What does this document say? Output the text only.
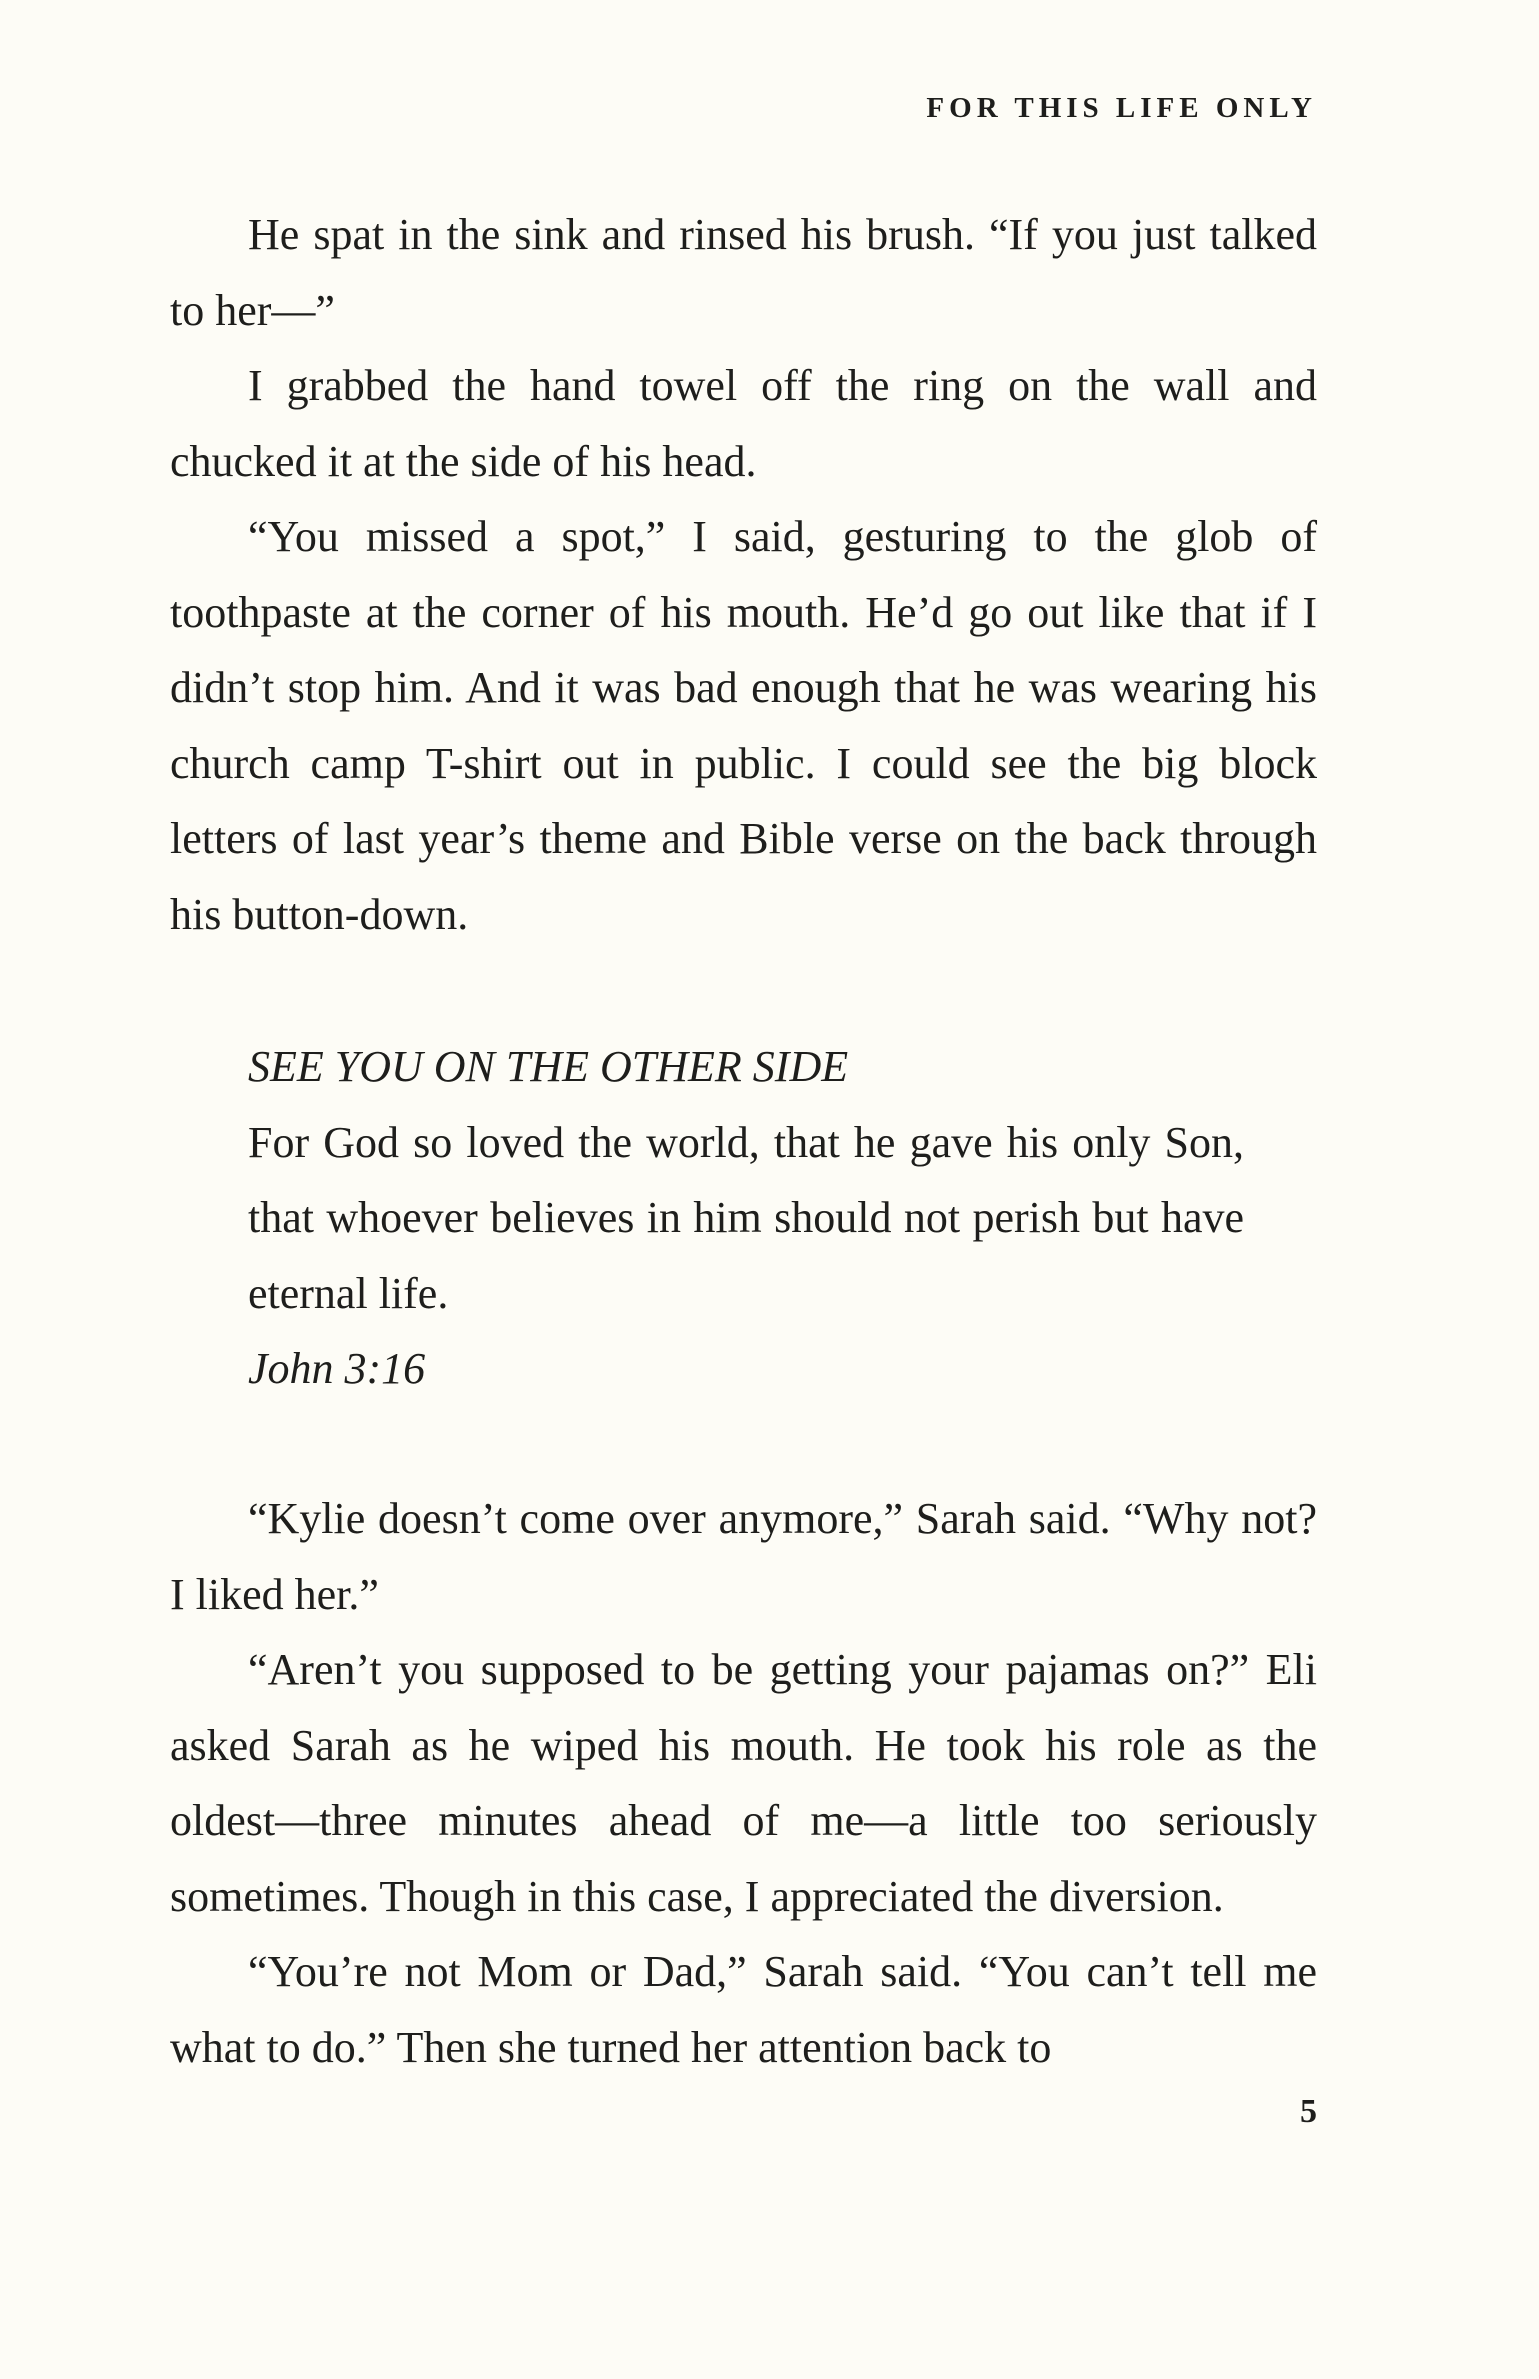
FOR THIS LIFE ONLY

He spat in the sink and rinsed his brush. “If you just talked to her—”

I grabbed the hand towel off the ring on the wall and chucked it at the side of his head.

“You missed a spot,” I said, gesturing to the glob of toothpaste at the corner of his mouth. He’d go out like that if I didn’t stop him. And it was bad enough that he was wearing his church camp T-shirt out in public. I could see the big block letters of last year’s theme and Bible verse on the back through his button-down.

SEE YOU ON THE OTHER SIDE

For God so loved the world, that he gave his only Son, that whoever believes in him should not perish but have eternal life.

John 3:16

“Kylie doesn’t come over anymore,” Sarah said. “Why not? I liked her.”

“Aren’t you supposed to be getting your pajamas on?” Eli asked Sarah as he wiped his mouth. He took his role as the oldest—three minutes ahead of me—a little too seriously sometimes. Though in this case, I appreciated the diversion.

“You’re not Mom or Dad,” Sarah said. “You can’t tell me what to do.” Then she turned her attention back to

5
